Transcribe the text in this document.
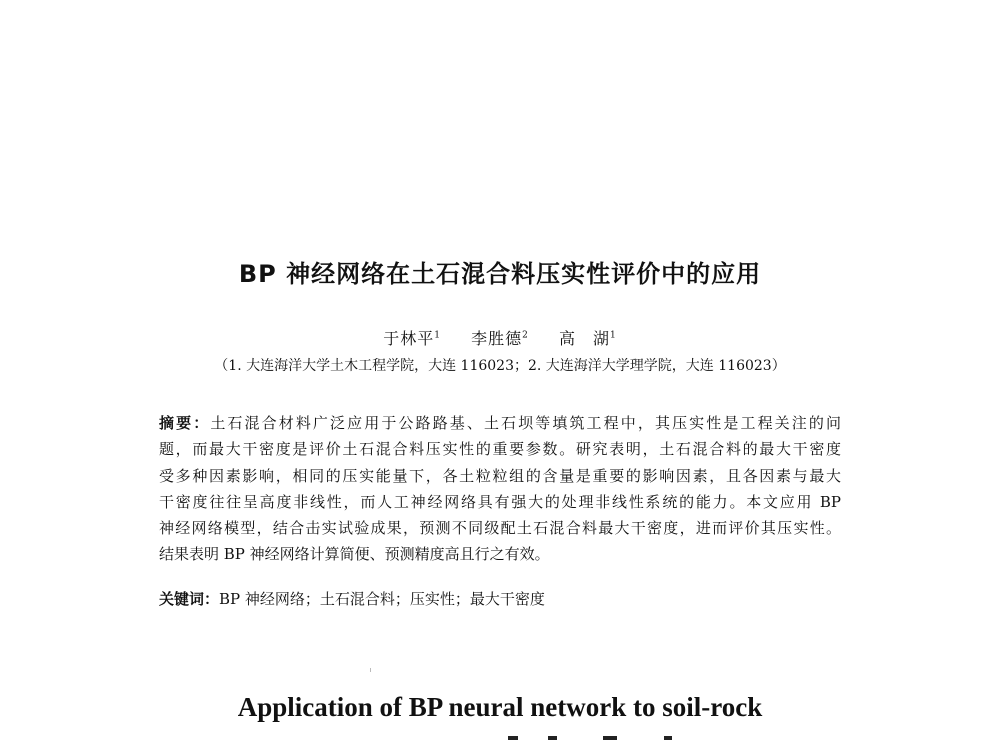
BP 神经网络在土石混合料压实性评价中的应用
于林平$^1$ 李胜德$^2$ 高　湖$^1$
（1. 大连海洋大学土木工程学院，大连 116023；2. 大连海洋大学理学院，大连 116023）
摘要：土石混合材料广泛应用于公路路基、土石坝等填筑工程中，其压实性是工程关注的问
题，而最大干密度是评价土石混合料压实性的重要参数。研究表明，土石混合料的最大干密度
受多种因素影响，相同的压实能量下，各土粒粒组的含量是重要的影响因素，且各因素与最大
干密度往往呈高度非线性，而人工神经网络具有强大的处理非线性系统的能力。本文应用 BP
神经网络模型，结合击实试验成果，预测不同级配土石混合料最大干密度，进而评价其压实性。
结果表明 BP 神经网络计算简便、预测精度高且行之有效。
关键词：BP 神经网络；土石混合料；压实性；最大干密度
Application of BP neural network to soil-rock
